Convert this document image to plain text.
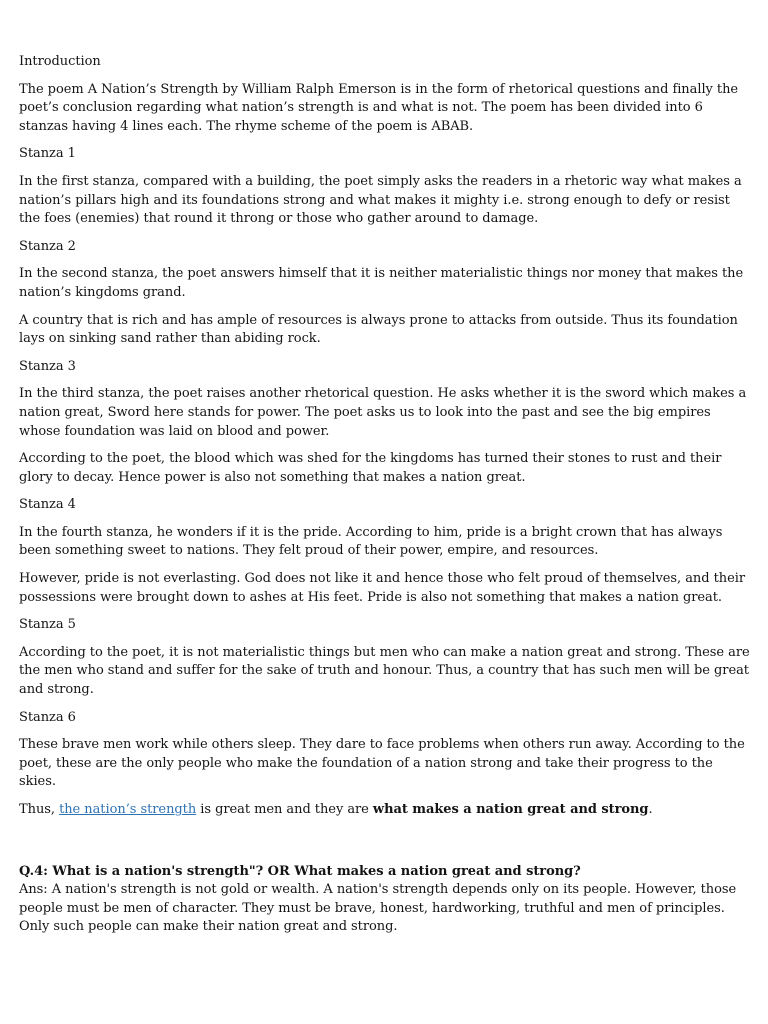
Introduction

The poem A Nation’s Strength by William Ralph Emerson is in the form of rhetorical questions and finally the poet’s conclusion regarding what nation’s strength is and what is not. The poem has been divided into 6 stanzas having 4 lines each. The rhyme scheme of the poem is ABAB.

Stanza 1

In the first stanza, compared with a building, the poet simply asks the readers in a rhetoric way what makes a nation’s pillars high and its foundations strong and what makes it mighty i.e. strong enough to defy or resist the foes (enemies) that round it throng or those who gather around to damage.

Stanza 2

In the second stanza, the poet answers himself that it is neither materialistic things nor money that makes the nation’s kingdoms grand.

A country that is rich and has ample of resources is always prone to attacks from outside. Thus its foundation lays on sinking sand rather than abiding rock.

Stanza 3

In the third stanza, the poet raises another rhetorical question. He asks whether it is the sword which makes a nation great, Sword here stands for power. The poet asks us to look into the past and see the big empires whose foundation was laid on blood and power.

According to the poet, the blood which was shed for the kingdoms has turned their stones to rust and their glory to decay. Hence power is also not something that makes a nation great.

Stanza 4

In the fourth stanza, he wonders if it is the pride. According to him, pride is a bright crown that has always been something sweet to nations. They felt proud of their power, empire, and resources.

However, pride is not everlasting. God does not like it and hence those who felt proud of themselves, and their possessions were brought down to ashes at His feet. Pride is also not something that makes a nation great.

Stanza 5

According to the poet, it is not materialistic things but men who can make a nation great and strong. These are the men who stand and suffer for the sake of truth and honour. Thus, a country that has such men will be great and strong.

Stanza 6

These brave men work while others sleep. They dare to face problems when others run away. According to the poet, these are the only people who make the foundation of a nation strong and take their progress to the skies.

Thus, the nation’s strength is great men and they are what makes a nation great and strong.

Q.4: What is a nation's strength"? OR What makes a nation great and strong?

Ans: A nation's strength is not gold or wealth. A nation's strength depends only on its people. However, those people must be men of character. They must be brave, honest, hardworking, truthful and men of principles. Only such people can make their nation great and strong.
